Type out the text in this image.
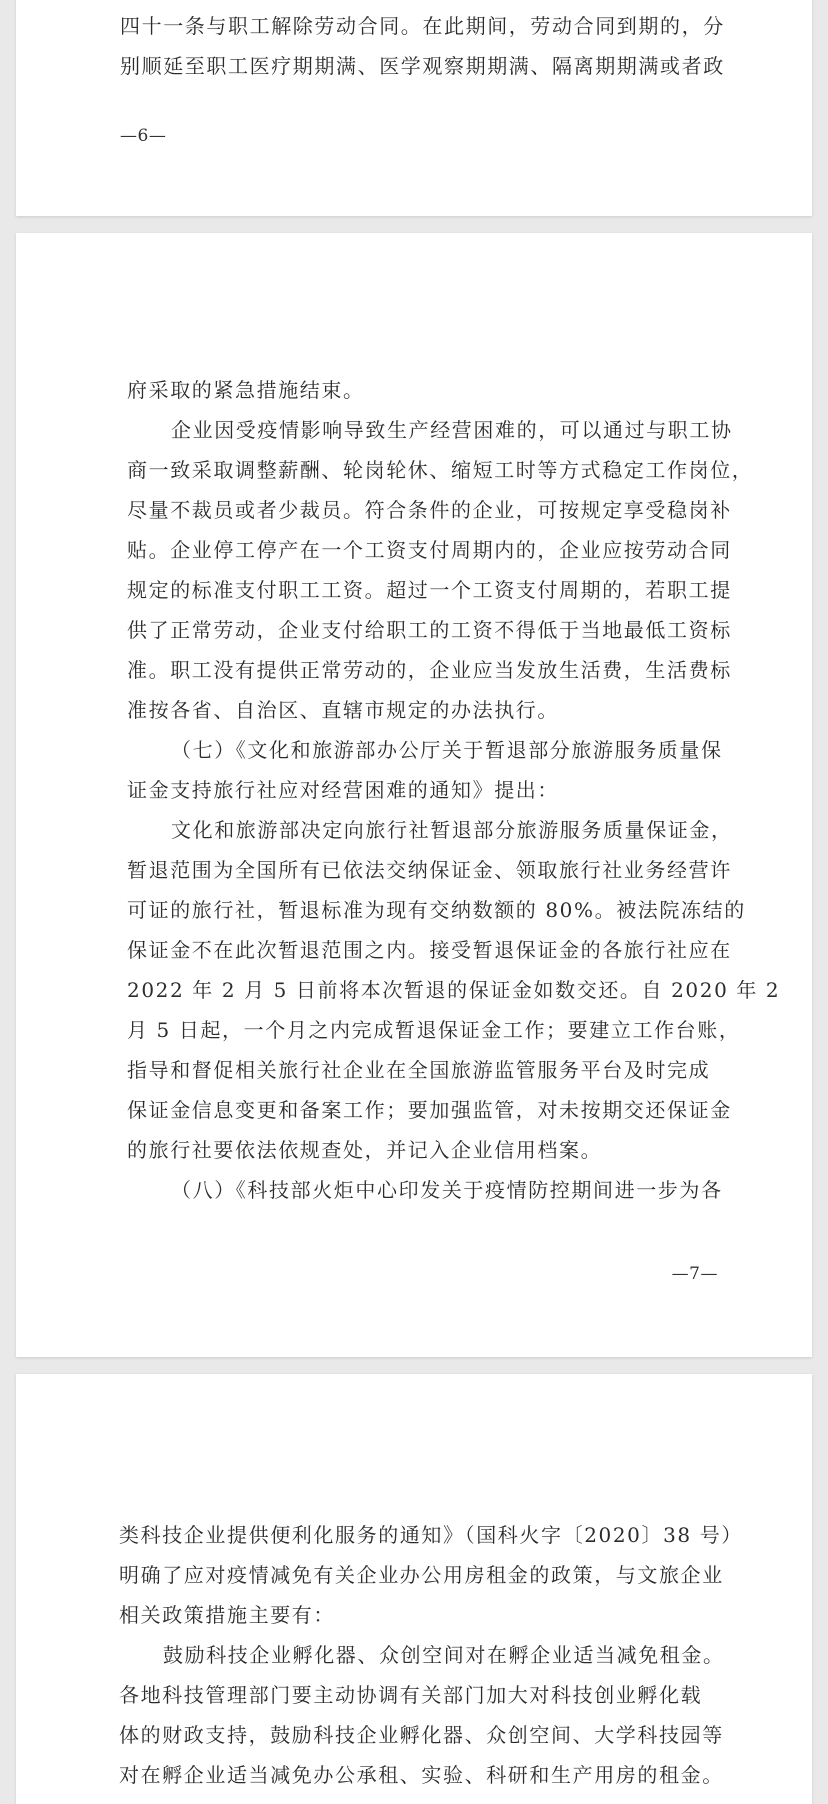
四十一条与职工解除劳动合同。在此期间，劳动合同到期的，分
别顺延至职工医疗期期满、医学观察期期满、隔离期期满或者政
—6—
府采取的紧急措施结束。
企业因受疫情影响导致生产经营困难的，可以通过与职工协
商一致采取调整薪酬、轮岗轮休、缩短工时等方式稳定工作岗位，
尽量不裁员或者少裁员。符合条件的企业，可按规定享受稳岗补
贴。企业停工停产在一个工资支付周期内的，企业应按劳动合同
规定的标准支付职工工资。超过一个工资支付周期的，若职工提
供了正常劳动，企业支付给职工的工资不得低于当地最低工资标
准。职工没有提供正常劳动的，企业应当发放生活费，生活费标
准按各省、自治区、直辖市规定的办法执行。
（七）《文化和旅游部办公厅关于暂退部分旅游服务质量保
证金支持旅行社应对经营困难的通知》提出：
文化和旅游部决定向旅行社暂退部分旅游服务质量保证金，
暂退范围为全国所有已依法交纳保证金、领取旅行社业务经营许
可证的旅行社，暂退标准为现有交纳数额的 80%。被法院冻结的
保证金不在此次暂退范围之内。接受暂退保证金的各旅行社应在
2022 年 2 月 5 日前将本次暂退的保证金如数交还。自 2020 年 2
月 5 日起，一个月之内完成暂退保证金工作；要建立工作台账，
指导和督促相关旅行社企业在全国旅游监管服务平台及时完成
保证金信息变更和备案工作；要加强监管，对未按期交还保证金
的旅行社要依法依规查处，并记入企业信用档案。
（八）《科技部火炬中心印发关于疫情防控期间进一步为各
—7—
类科技企业提供便利化服务的通知》（国科火字〔2020〕38 号）
明确了应对疫情减免有关企业办公用房租金的政策，与文旅企业
相关政策措施主要有：
鼓励科技企业孵化器、众创空间对在孵企业适当减免租金。
各地科技管理部门要主动协调有关部门加大对科技创业孵化载
体的财政支持，鼓励科技企业孵化器、众创空间、大学科技园等
对在孵企业适当减免办公承租、实验、科研和生产用房的租金。
